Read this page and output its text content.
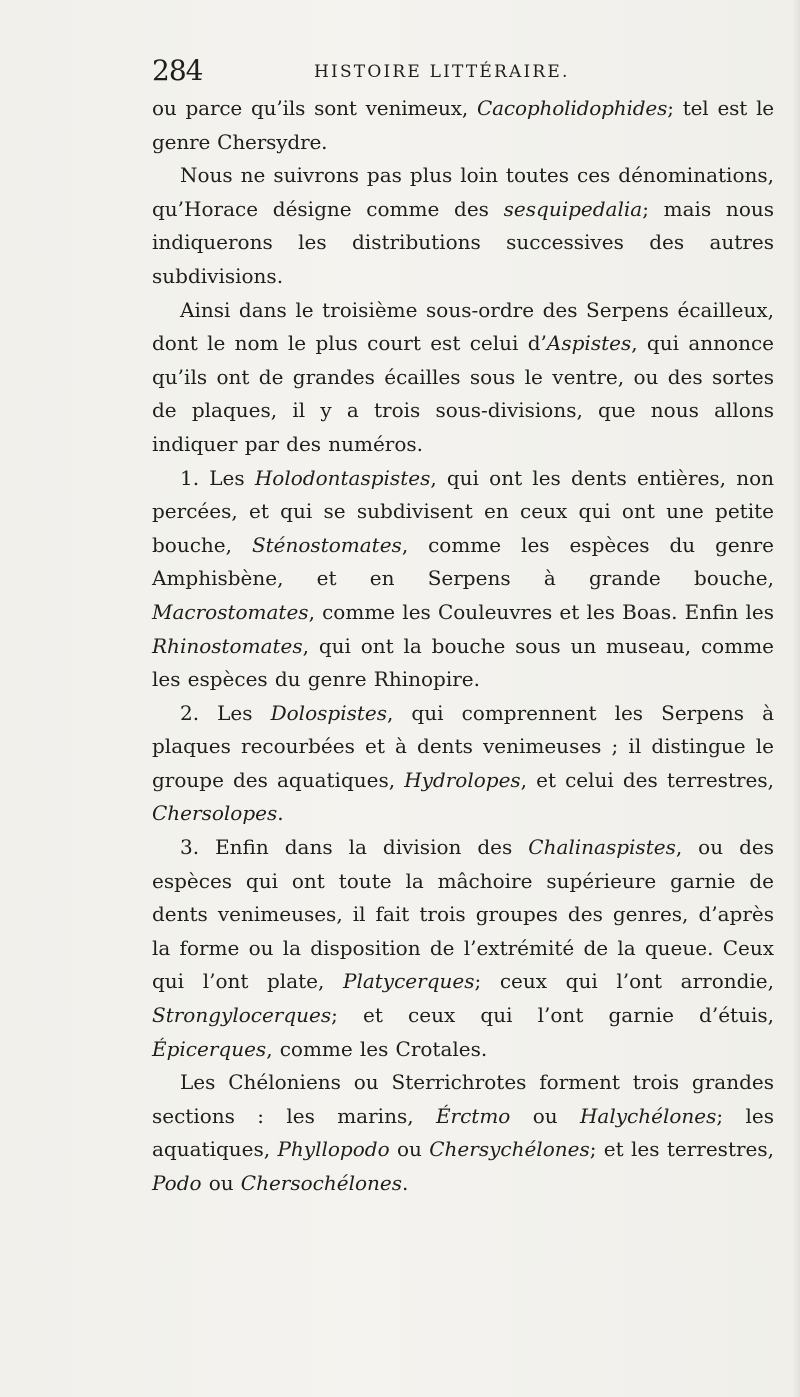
284	HISTOIRE LITTÉRAIRE.

ou parce qu’ils sont venimeux, Cacopholidophides; tel est le genre Chersydre.

Nous ne suivrons pas plus loin toutes ces dénominations, qu’Horace désigne comme des sesquipedalia; mais nous indiquerons les distributions successives des autres subdivisions.

Ainsi dans le troisième sous-ordre des Serpens écailleux, dont le nom le plus court est celui d’Aspistes, qui annonce qu’ils ont de grandes écailles sous le ventre, ou des sortes de plaques, il y a trois sous-divisions, que nous allons indiquer par des numéros.

1. Les Holodontaspistes, qui ont les dents entières, non percées, et qui se subdivisent en ceux qui ont une petite bouche, Sténostomates, comme les espèces du genre Amphisbène, et en Serpens à grande bouche, Macrostomates, comme les Couleuvres et les Boas. Enfin les Rhinostomates, qui ont la bouche sous un museau, comme les espèces du genre Rhinopire.

2. Les Dolospistes, qui comprennent les Serpens à plaques recourbées et à dents venimeuses ; il distingue le groupe des aquatiques, Hydrolopes, et celui des terrestres, Chersolopes.

3. Enfin dans la division des Chalinaspistes, ou des espèces qui ont toute la mâchoire supérieure garnie de dents venimeuses, il fait trois groupes des genres, d’après la forme ou la disposition de l’extrémité de la queue. Ceux qui l’ont plate, Platycerques; ceux qui l’ont arrondie, Strongylocerques; et ceux qui l’ont garnie d’étuis, Épicerques, comme les Crotales.

Les Chéloniens ou Sterrichrotes forment trois grandes sections : les marins, Érctmo ou Halychélones; les aquatiques, Phyllopodo ou Chersychélones; et les terrestres, Podo ou Chersochélones.
